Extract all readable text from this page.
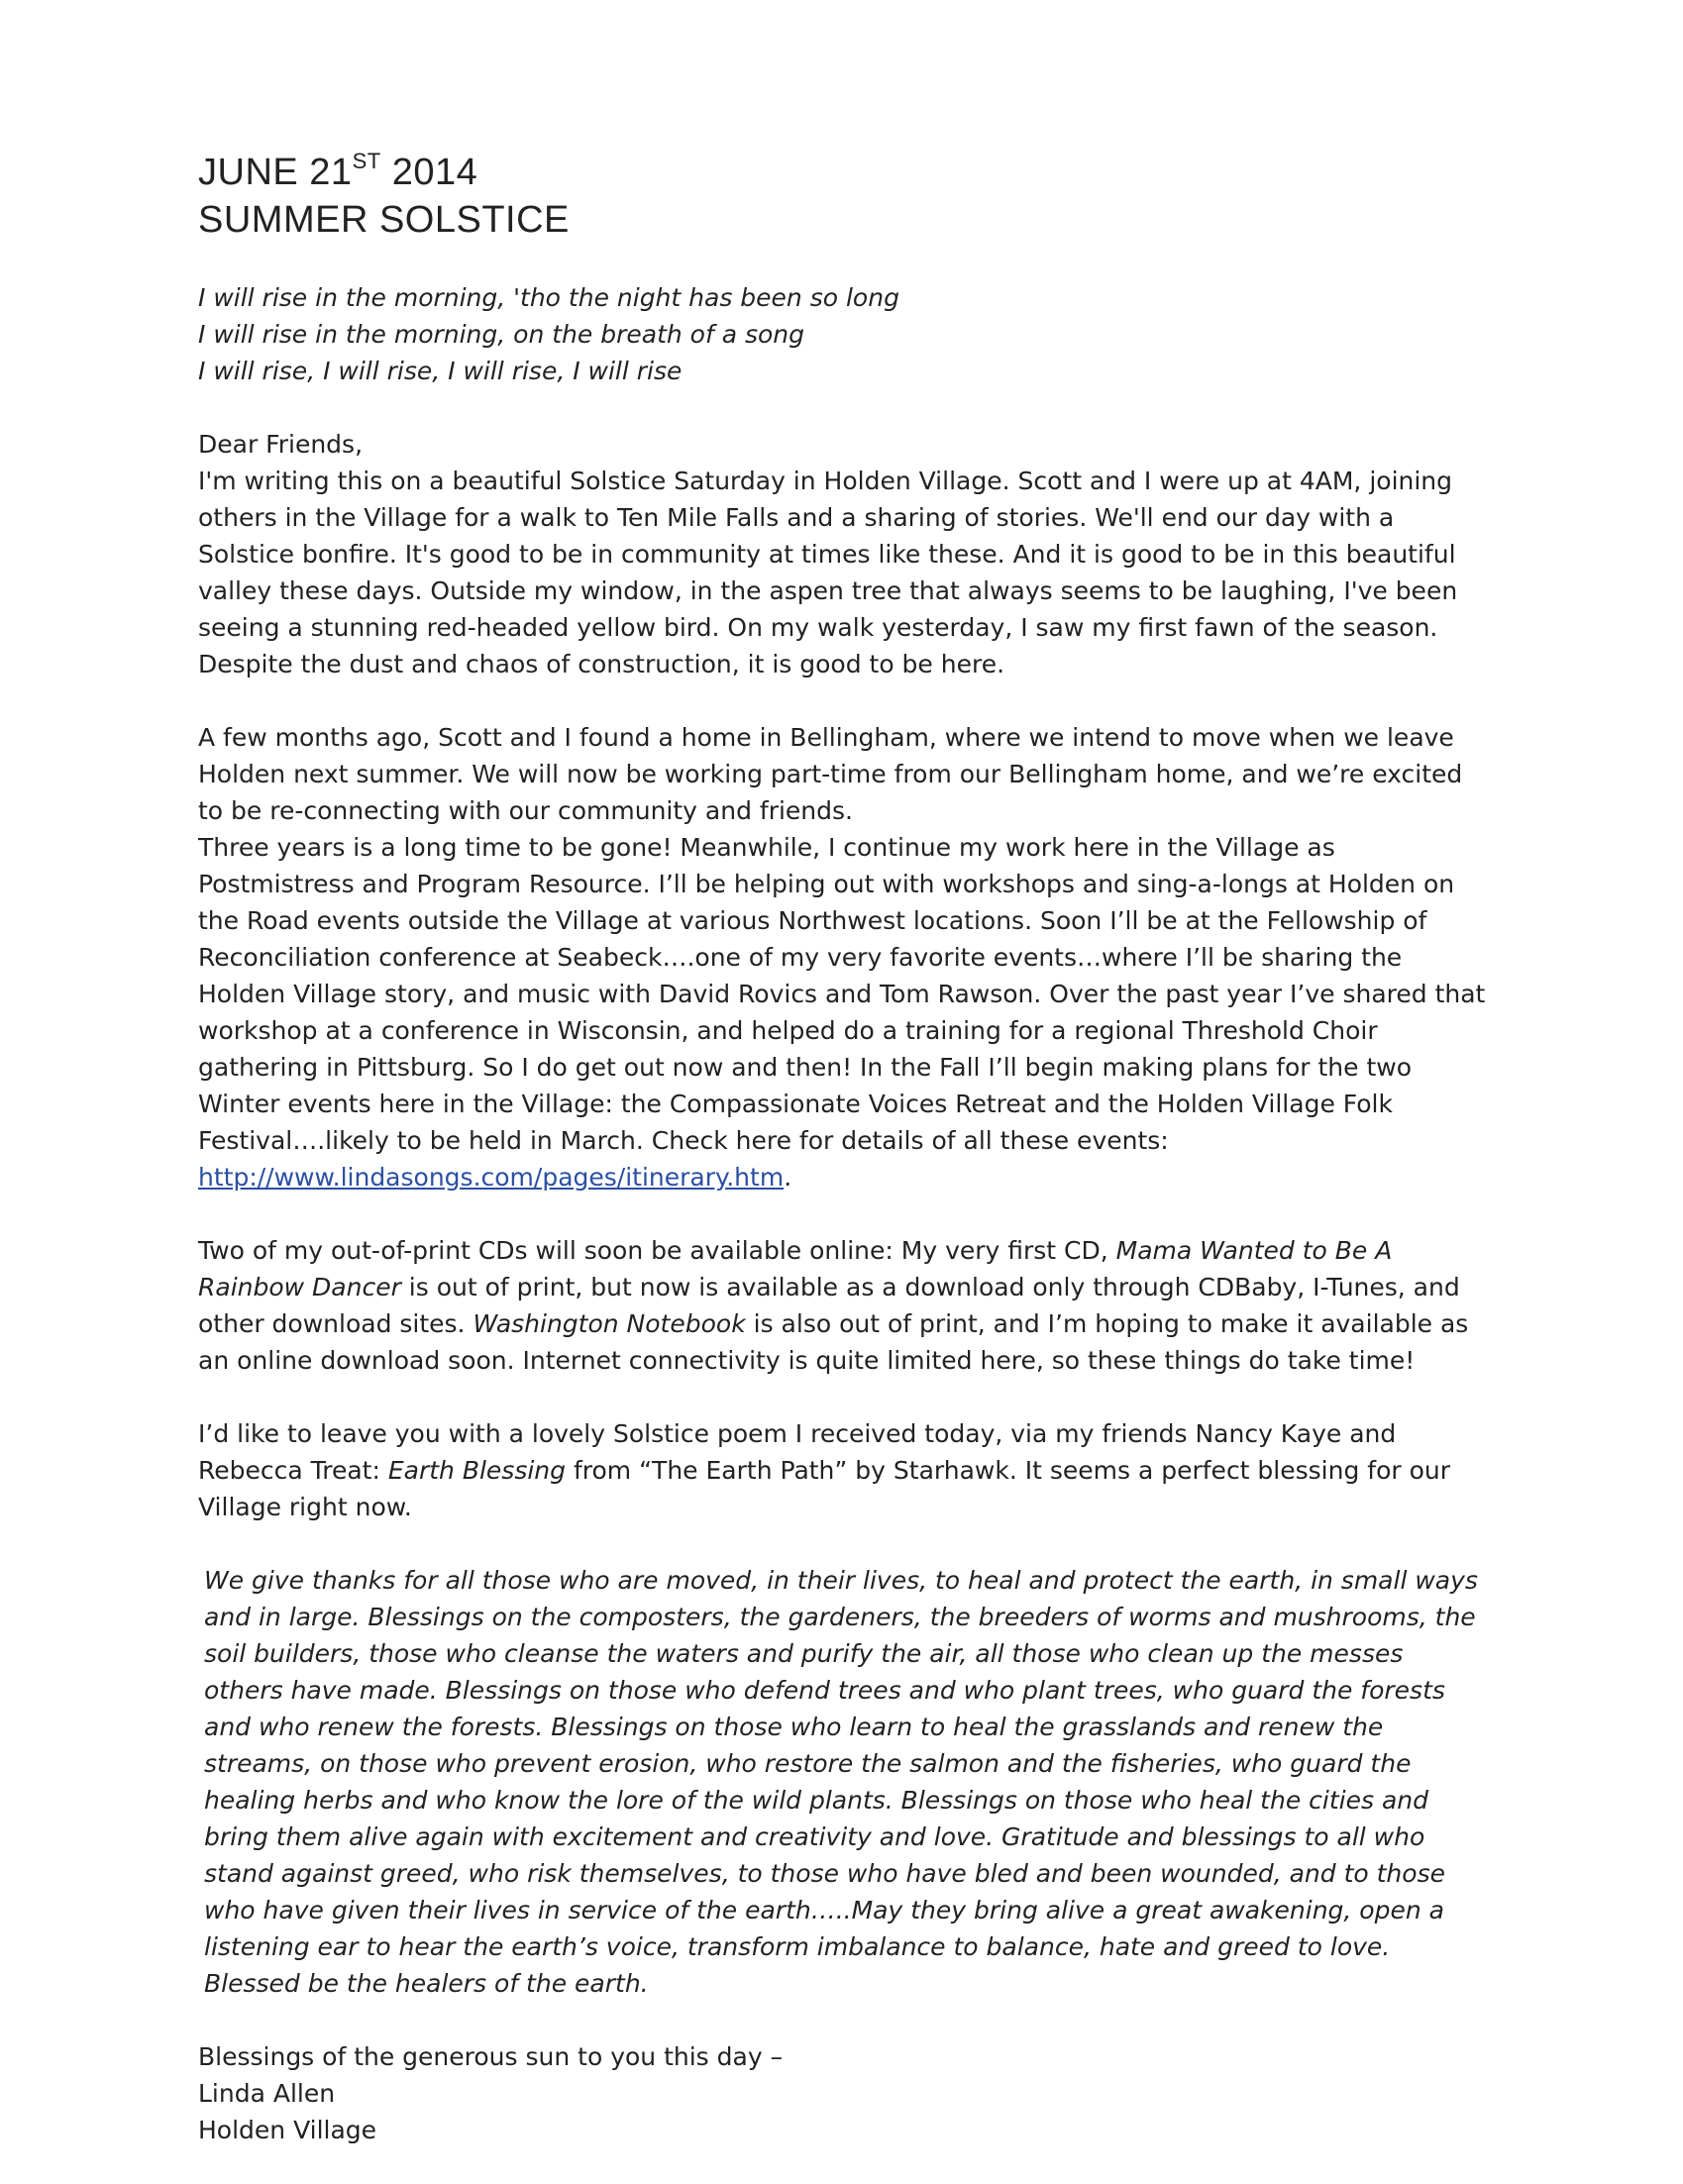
JUNE 21ST 2014
SUMMER SOLSTICE

I will rise in the morning, 'tho the night has been so long

I will rise in the morning, on the breath of a song

I will rise, I will rise, I will rise, I will rise

Dear Friends,

I'm writing this on a beautiful Solstice Saturday in Holden Village. Scott and I were up at 4AM, joining others in the Village for a walk to Ten Mile Falls and a sharing of stories. We'll end our day with a Solstice bonfire. It's good to be in community at times like these. And it is good to be in this beautiful valley these days. Outside my window, in the aspen tree that always seems to be laughing, I've been seeing a stunning red-headed yellow bird. On my walk yesterday, I saw my first fawn of the season. Despite the dust and chaos of construction, it is good to be here.

A few months ago, Scott and I found a home in Bellingham, where we intend to move when we leave Holden next summer. We will now be working part-time from our Bellingham home, and we’re excited to be re-connecting with our community and friends.

Three years is a long time to be gone! Meanwhile, I continue my work here in the Village as Postmistress and Program Resource. I’ll be helping out with workshops and sing-a-longs at Holden on the Road events outside the Village at various Northwest locations. Soon I’ll be at the Fellowship of Reconciliation conference at Seabeck….one of my very favorite events…where I’ll be sharing the Holden Village story, and music with David Rovics and Tom Rawson. Over the past year I’ve shared that workshop at a conference in Wisconsin, and helped do a training for a regional Threshold Choir gathering in Pittsburg. So I do get out now and then! In the Fall I’ll begin making plans for the two Winter events here in the Village: the Compassionate Voices Retreat and the Holden Village Folk Festival….likely to be held in March. Check here for details of all these events: http://www.lindasongs.com/pages/itinerary.htm.

Two of my out-of-print CDs will soon be available online: My very first CD, Mama Wanted to Be A Rainbow Dancer is out of print, but now is available as a download only through CDBaby, I-Tunes, and other download sites. Washington Notebook is also out of print, and I’m hoping to make it available as an online download soon. Internet connectivity is quite limited here, so these things do take time!

I’d like to leave you with a lovely Solstice poem I received today, via my friends Nancy Kaye and Rebecca Treat: Earth Blessing from “The Earth Path” by Starhawk. It seems a perfect blessing for our Village right now.

We give thanks for all those who are moved, in their lives, to heal and protect the earth, in small ways and in large. Blessings on the composters, the gardeners, the breeders of worms and mushrooms, the soil builders, those who cleanse the waters and purify the air, all those who clean up the messes others have made. Blessings on those who defend trees and who plant trees, who guard the forests and who renew the forests. Blessings on those who learn to heal the grasslands and renew the streams, on those who prevent erosion, who restore the salmon and the fisheries, who guard the healing herbs and who know the lore of the wild plants. Blessings on those who heal the cities and bring them alive again with excitement and creativity and love. Gratitude and blessings to all who stand against greed, who risk themselves, to those who have bled and been wounded, and to those who have given their lives in service of the earth…..May they bring alive a great awakening, open a listening ear to hear the earth’s voice, transform imbalance to balance, hate and greed to love. Blessed be the healers of the earth.

Blessings of the generous sun to you this day –

Linda Allen

Holden Village
